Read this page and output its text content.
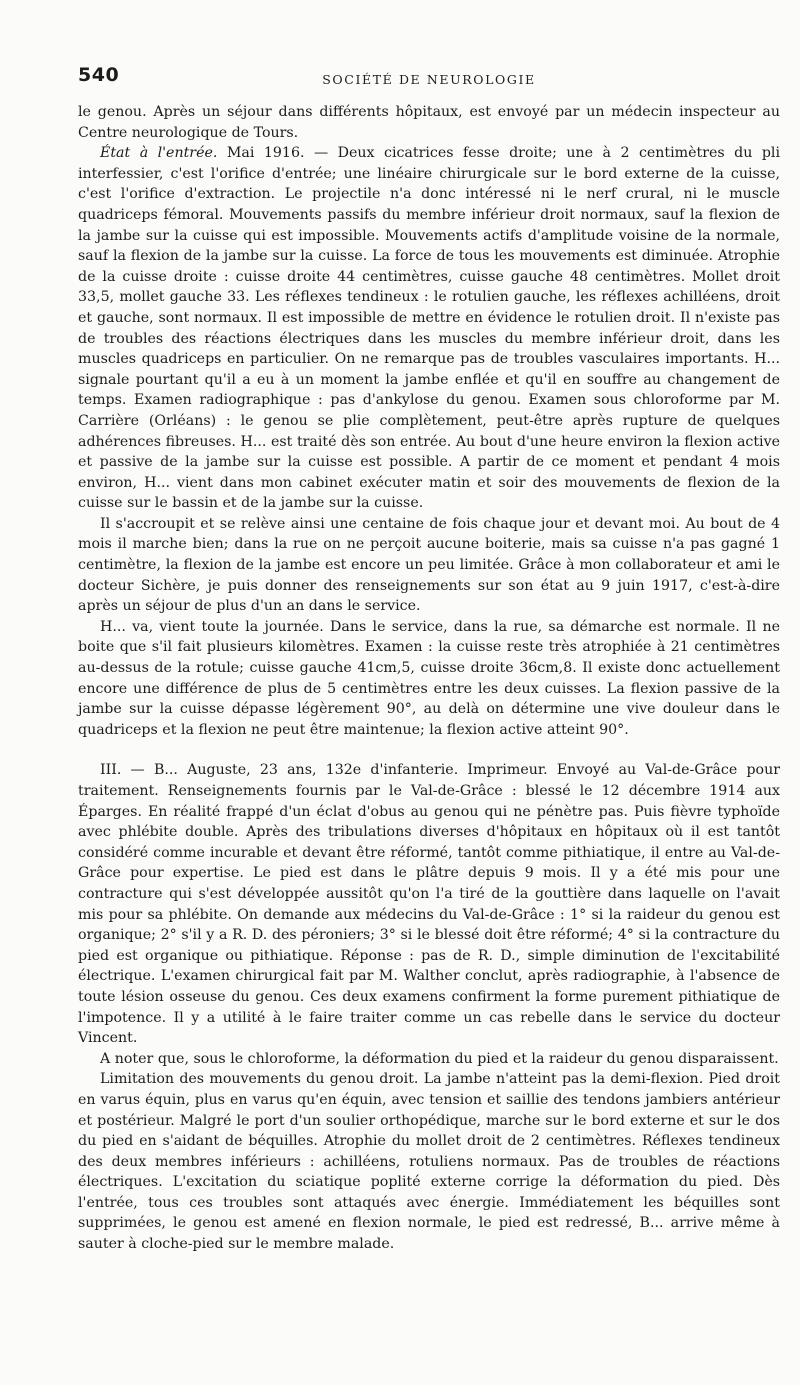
540	SOCIÉTÉ DE NEUROLOGIE

le genou. Après un séjour dans différents hôpitaux, est envoyé par un médecin inspecteur au Centre neurologique de Tours.

État à l'entrée. Mai 1916. — Deux cicatrices fesse droite; une à 2 centimètres du pli interfessier, c'est l'orifice d'entrée; une linéaire chirurgicale sur le bord externe de la cuisse, c'est l'orifice d'extraction. Le projectile n'a donc intéressé ni le nerf crural, ni le muscle quadriceps fémoral. Mouvements passifs du membre inférieur droit normaux, sauf la flexion de la jambe sur la cuisse qui est impossible. Mouvements actifs d'amplitude voisine de la normale, sauf la flexion de la jambe sur la cuisse. La force de tous les mouvements est diminuée. Atrophie de la cuisse droite : cuisse droite 44 centimètres, cuisse gauche 48 centimètres. Mollet droit 33,5, mollet gauche 33. Les réflexes tendineux : le rotulien gauche, les réflexes achilléens, droit et gauche, sont normaux. Il est impossible de mettre en évidence le rotulien droit. Il n'existe pas de troubles des réactions électriques dans les muscles du membre inférieur droit, dans les muscles quadriceps en particulier. On ne remarque pas de troubles vasculaires importants. H... signale pourtant qu'il a eu à un moment la jambe enflée et qu'il en souffre au changement de temps. Examen radiographique : pas d'ankylose du genou. Examen sous chloroforme par M. Carrière (Orléans) : le genou se plie complètement, peut-être après rupture de quelques adhérences fibreuses. H... est traité dès son entrée. Au bout d'une heure environ la flexion active et passive de la jambe sur la cuisse est possible. A partir de ce moment et pendant 4 mois environ, H... vient dans mon cabinet exécuter matin et soir des mouvements de flexion de la cuisse sur le bassin et de la jambe sur la cuisse.

Il s'accroupit et se relève ainsi une centaine de fois chaque jour et devant moi. Au bout de 4 mois il marche bien; dans la rue on ne perçoit aucune boiterie, mais sa cuisse n'a pas gagné 1 centimètre, la flexion de la jambe est encore un peu limitée. Grâce à mon collaborateur et ami le docteur Sichère, je puis donner des renseignements sur son état au 9 juin 1917, c'est-à-dire après un séjour de plus d'un an dans le service.

H... va, vient toute la journée. Dans le service, dans la rue, sa démarche est normale. Il ne boite que s'il fait plusieurs kilomètres. Examen : la cuisse reste très atrophiée à 21 centimètres au-dessus de la rotule; cuisse gauche 41cm,5, cuisse droite 36cm,8. Il existe donc actuellement encore une différence de plus de 5 centimètres entre les deux cuisses. La flexion passive de la jambe sur la cuisse dépasse légèrement 90°, au delà on détermine une vive douleur dans le quadriceps et la flexion ne peut être maintenue; la flexion active atteint 90°.

III. — B... Auguste, 23 ans, 132e d'infanterie. Imprimeur. Envoyé au Val-de-Grâce pour traitement. Renseignements fournis par le Val-de-Grâce : blessé le 12 décembre 1914 aux Éparges. En réalité frappé d'un éclat d'obus au genou qui ne pénètre pas. Puis fièvre typhoïde avec phlébite double. Après des tribulations diverses d'hôpitaux en hôpitaux où il est tantôt considéré comme incurable et devant être réformé, tantôt comme pithiatique, il entre au Val-de-Grâce pour expertise. Le pied est dans le plâtre depuis 9 mois. Il y a été mis pour une contracture qui s'est développée aussitôt qu'on l'a tiré de la gouttière dans laquelle on l'avait mis pour sa phlébite. On demande aux médecins du Val-de-Grâce : 1° si la raideur du genou est organique; 2° s'il y a R. D. des péroniers; 3° si le blessé doit être réformé; 4° si la contracture du pied est organique ou pithiatique. Réponse : pas de R. D., simple diminution de l'excitabilité électrique. L'examen chirurgical fait par M. Walther conclut, après radiographie, à l'absence de toute lésion osseuse du genou. Ces deux examens confirment la forme purement pithiatique de l'impotence. Il y a utilité à le faire traiter comme un cas rebelle dans le service du docteur Vincent.

A noter que, sous le chloroforme, la déformation du pied et la raideur du genou disparaissent.

Limitation des mouvements du genou droit. La jambe n'atteint pas la demi-flexion. Pied droit en varus équin, plus en varus qu'en équin, avec tension et saillie des tendons jambiers antérieur et postérieur. Malgré le port d'un soulier orthopédique, marche sur le bord externe et sur le dos du pied en s'aidant de béquilles. Atrophie du mollet droit de 2 centimètres. Réflexes tendineux des deux membres inférieurs : achilléens, rotuliens normaux. Pas de troubles de réactions électriques. L'excitation du sciatique poplité externe corrige la déformation du pied. Dès l'entrée, tous ces troubles sont attaqués avec énergie. Immédiatement les béquilles sont supprimées, le genou est amené en flexion normale, le pied est redressé, B... arrive même à sauter à cloche-pied sur le membre malade.
